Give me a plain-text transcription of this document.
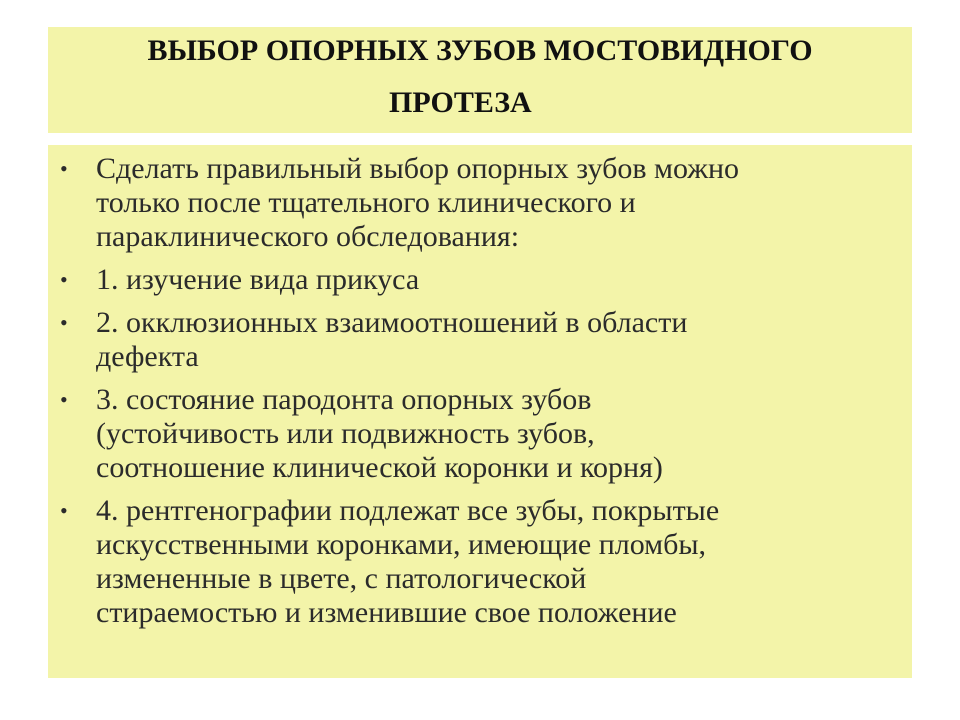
ВЫБОР ОПОРНЫХ ЗУБОВ МОСТОВИДНОГО
ПРОТЕЗА
• Сделать правильный выбор опорных зубов можно
только после тщательного клинического и
параклинического обследования:
• 1. изучение вида прикуса
• 2. окклюзионных взаимоотношений в области
дефекта
• 3. состояние пародонта опорных зубов
(устойчивость или подвижность зубов,
соотношение клинической коронки и корня)
• 4. рентгенографии подлежат все зубы, покрытые
искусственными коронками, имеющие пломбы,
измененные в цвете, с патологической
стираемостью и изменившие свое положение
